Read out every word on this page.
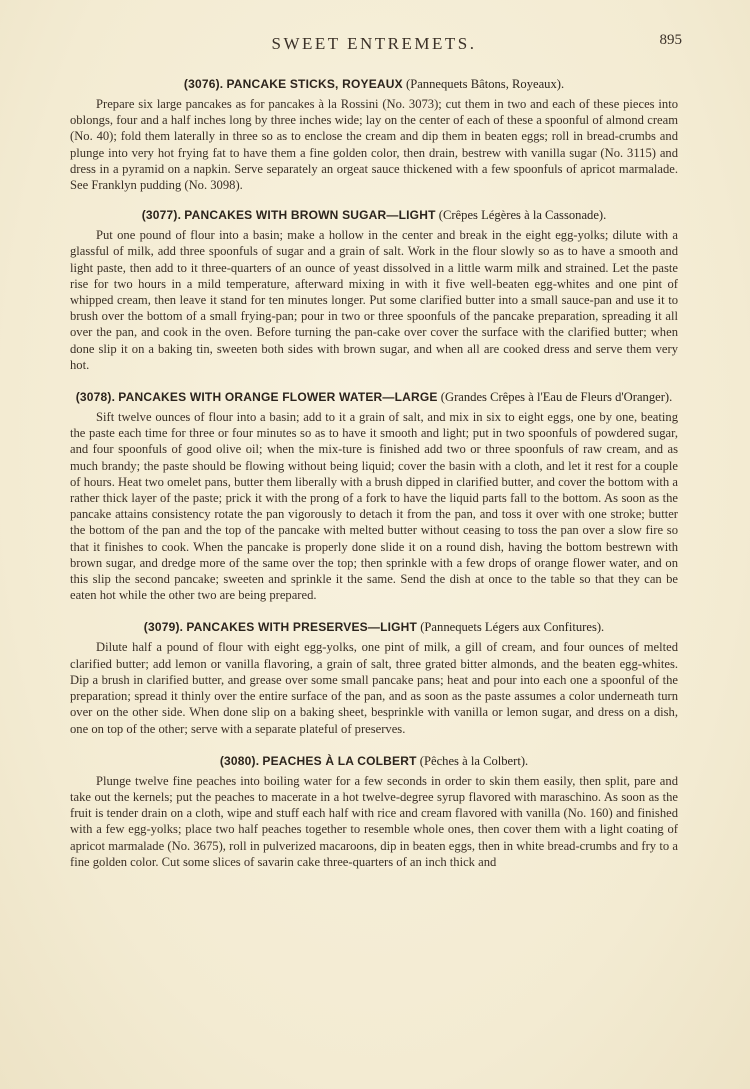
SWEET ENTREMETS.	895
(3076). PANCAKE STICKS, ROYEAUX (Pannequets Bâtons, Royeaux).

Prepare six large pancakes as for pancakes à la Rossini (No. 3073); cut them in two and each of these pieces into oblongs, four and a half inches long by three inches wide; lay on the center of each of these a spoonful of almond cream (No. 40); fold them laterally in three so as to enclose the cream and dip them in beaten eggs; roll in bread-crumbs and plunge into very hot frying fat to have them a fine golden color, then drain, bestrew with vanilla sugar (No. 3115) and dress in a pyramid on a napkin. Serve separately an orgeat sauce thickened with a few spoonfuls of apricot marmalade. See Franklyn pudding (No. 3098).

(3077). PANCAKES WITH BROWN SUGAR—LIGHT (Crêpes Légères à la Cassonade).

Put one pound of flour into a basin; make a hollow in the center and break in the eight egg-yolks; dilute with a glassful of milk, add three spoonfuls of sugar and a grain of salt. Work in the flour slowly so as to have a smooth and light paste, then add to it three-quarters of an ounce of yeast dissolved in a little warm milk and strained. Let the paste rise for two hours in a mild temperature, afterward mixing in with it five well-beaten egg-whites and one pint of whipped cream, then leave it stand for ten minutes longer. Put some clarified butter into a small sauce-pan and use it to brush over the bottom of a small frying-pan; pour in two or three spoonfuls of the pancake preparation, spreading it all over the pan, and cook in the oven. Before turning the pan-cake over cover the surface with the clarified butter; when done slip it on a baking tin, sweeten both sides with brown sugar, and when all are cooked dress and serve them very hot.

(3078). PANCAKES WITH ORANGE FLOWER WATER—LARGE (Grandes Crêpes à l'Eau de Fleurs d'Oranger).

Sift twelve ounces of flour into a basin; add to it a grain of salt, and mix in six to eight eggs, one by one, beating the paste each time for three or four minutes so as to have it smooth and light; put in two spoonfuls of powdered sugar, and four spoonfuls of good olive oil; when the mix-ture is finished add two or three spoonfuls of raw cream, and as much brandy; the paste should be flowing without being liquid; cover the basin with a cloth, and let it rest for a couple of hours. Heat two omelet pans, butter them liberally with a brush dipped in clarified butter, and cover the bottom with a rather thick layer of the paste; prick it with the prong of a fork to have the liquid parts fall to the bottom. As soon as the pancake attains consistency rotate the pan vigorously to detach it from the pan, and toss it over with one stroke; butter the bottom of the pan and the top of the pancake with melted butter without ceasing to toss the pan over a slow fire so that it finishes to cook. When the pancake is properly done slide it on a round dish, having the bottom bestrewn with brown sugar, and dredge more of the same over the top; then sprinkle with a few drops of orange flower water, and on this slip the second pancake; sweeten and sprinkle it the same. Send the dish at once to the table so that they can be eaten hot while the other two are being prepared.

(3079). PANCAKES WITH PRESERVES—LIGHT (Pannequets Légers aux Confitures).

Dilute half a pound of flour with eight egg-yolks, one pint of milk, a gill of cream, and four ounces of melted clarified butter; add lemon or vanilla flavoring, a grain of salt, three grated bitter almonds, and the beaten egg-whites. Dip a brush in clarified butter, and grease over some small pancake pans; heat and pour into each one a spoonful of the preparation; spread it thinly over the entire surface of the pan, and as soon as the paste assumes a color underneath turn over on the other side. When done slip on a baking sheet, besprinkle with vanilla or lemon sugar, and dress on a dish, one on top of the other; serve with a separate plateful of preserves.

(3080). PEACHES À LA COLBERT (Pêches à la Colbert).

Plunge twelve fine peaches into boiling water for a few seconds in order to skin them easily, then split, pare and take out the kernels; put the peaches to macerate in a hot twelve-degree syrup flavored with maraschino. As soon as the fruit is tender drain on a cloth, wipe and stuff each half with rice and cream flavored with vanilla (No. 160) and finished with a few egg-yolks; place two half peaches together to resemble whole ones, then cover them with a light coating of apricot marmalade (No. 3675), roll in pulverized macaroons, dip in beaten eggs, then in white bread-crumbs and fry to a fine golden color. Cut some slices of savarin cake three-quarters of an inch thick and
